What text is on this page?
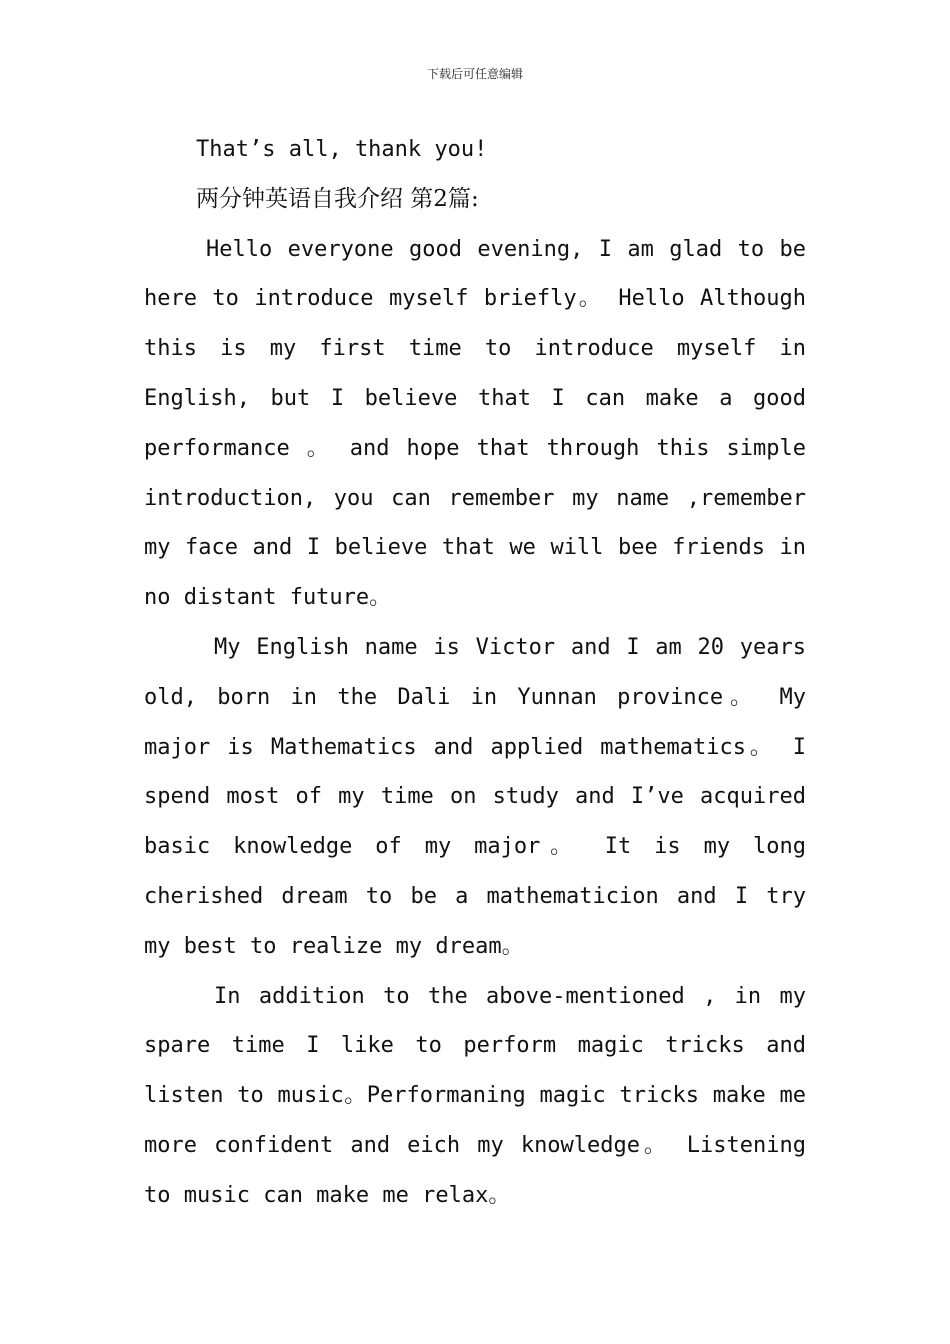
下载后可任意编辑

That’s all, thank you!

两分钟英语自我介绍 第2篇:

Hello everyone good evening, I am glad to be here to introduce myself briefly。 Hello Although this is my first time to introduce myself in English, but I believe that I can make a good performance 。 and hope that through this simple introduction, you can remember my name ,remember my face and I believe that we will bee friends in no distant future。

My English name is Victor and I am 20 years old, born in the Dali in Yunnan province。 My major is Mathematics and applied mathematics。 I spend most of my time on study and I’ve acquired basic knowledge of my major。 It is my long cherished dream to be a mathematicion and I try my best to realize my dream。

In addition to the above-mentioned , in my spare time I like to perform magic tricks and listen to music。Performaning magic tricks make me more confident and eich my knowledge。 Listening to music can make me relax。
